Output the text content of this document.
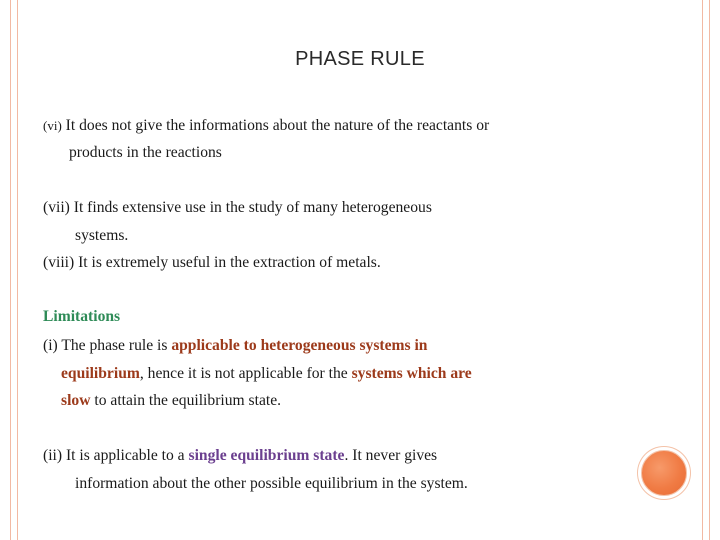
PHASE RULE
(vi) It does not give the informations about the nature of the reactants or
products in the reactions
(vii) It finds extensive use in the study of many heterogeneous
systems.
(viii) It is extremely useful in the extraction of metals.
Limitations
(i) The phase rule is applicable to heterogeneous systems in
equilibrium, hence it is not applicable for the systems which are
slow to attain the equilibrium state.
(ii) It is applicable to a single equilibrium state. It never gives
information about the other possible equilibrium in the system.
